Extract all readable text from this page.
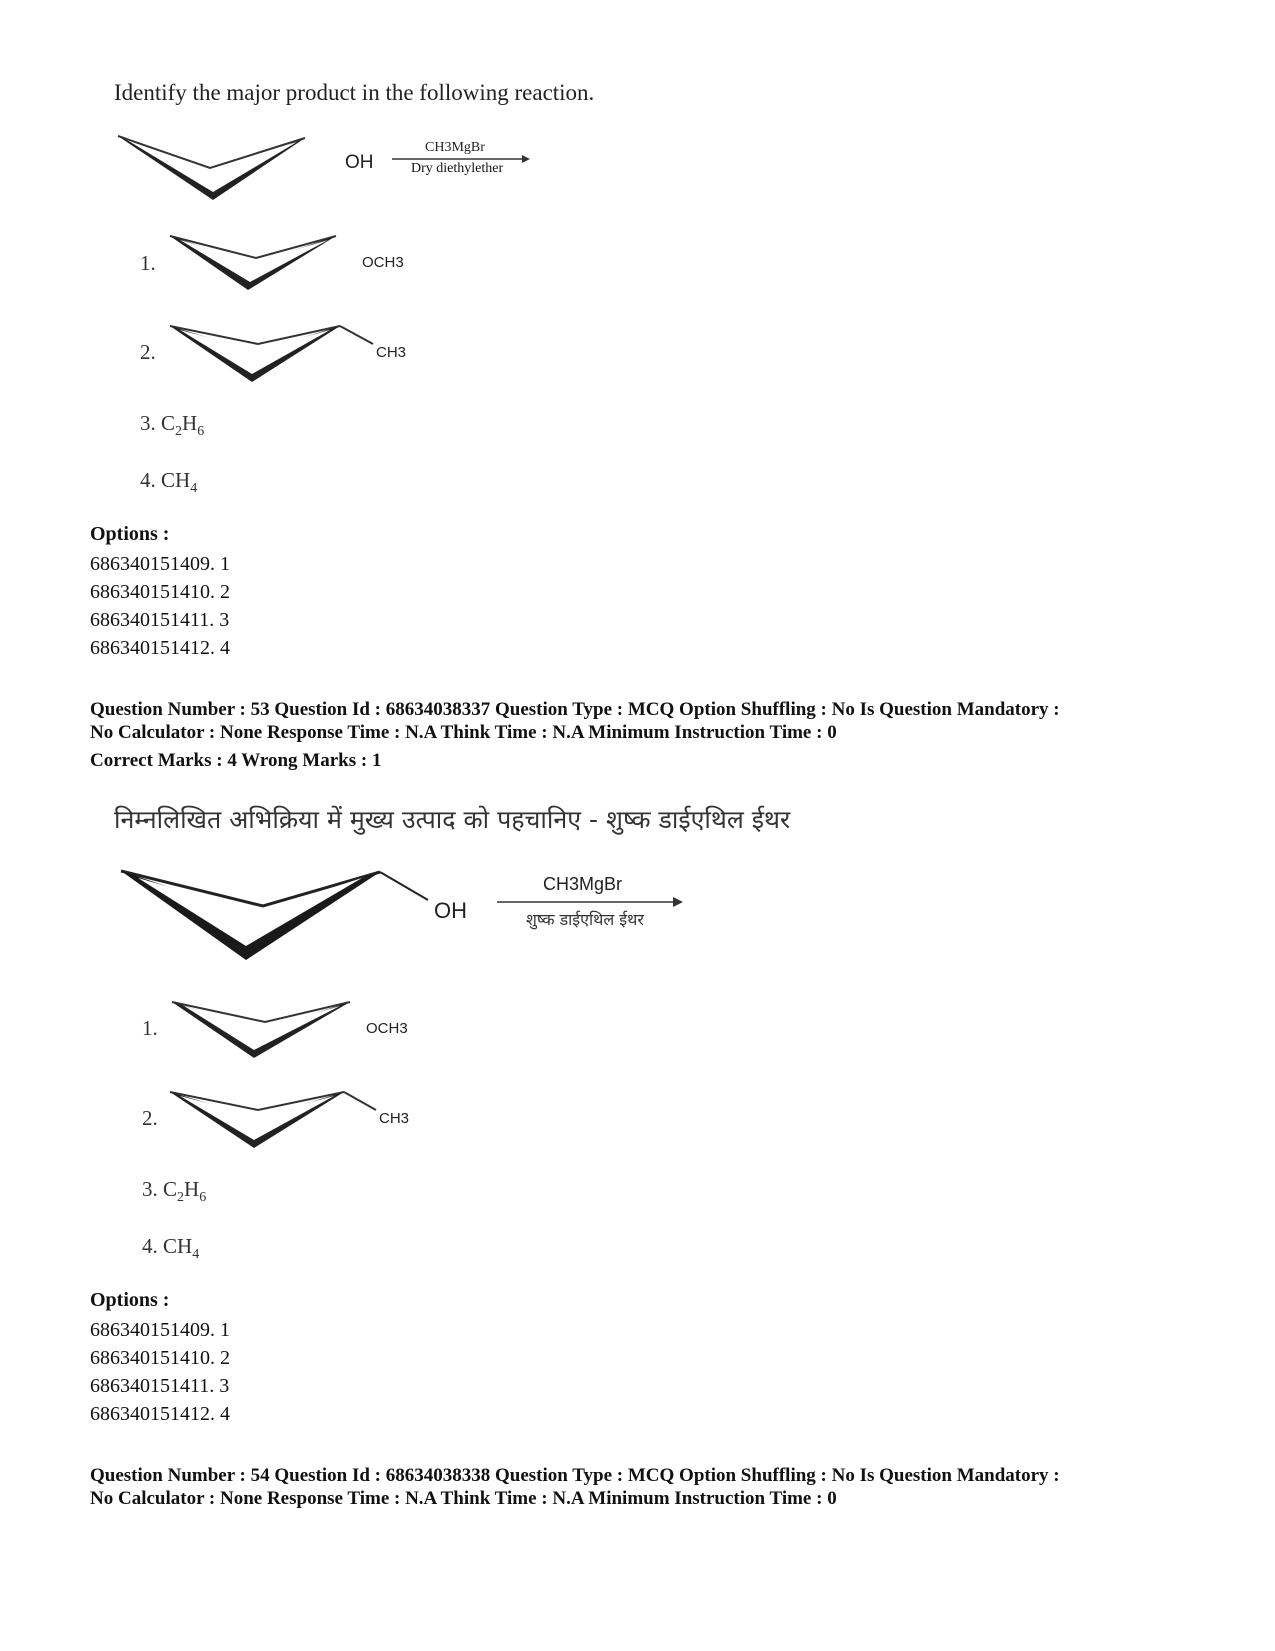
Identify the major product in the following reaction.
OH
CH3MgBr
Dry diethylether
1.	OCH3
2.	CH3
3. $C_2H_6$
4. $CH_4$
Options :
686340151409. 1
686340151410. 2
686340151411. 3
686340151412. 4
Question Number : 53 Question Id : 68634038337 Question Type : MCQ Option Shuffling : No Is Question Mandatory :
No Calculator : None Response Time : N.A Think Time : N.A Minimum Instruction Time : 0
Correct Marks : 4 Wrong Marks : 1
निम्नलिखित अभिक्रिया में मुख्य उत्पाद को पहचानिए - शुष्क डाईएथिल ईथर
OH
CH3MgBr
शुष्क डाईएथिल ईथर
1.	OCH3
2.	CH3
3. $C_2H_6$
4. $CH_4$
Options :
686340151409. 1
686340151410. 2
686340151411. 3
686340151412. 4
Question Number : 54 Question Id : 68634038338 Question Type : MCQ Option Shuffling : No Is Question Mandatory :
No Calculator : None Response Time : N.A Think Time : N.A Minimum Instruction Time : 0
